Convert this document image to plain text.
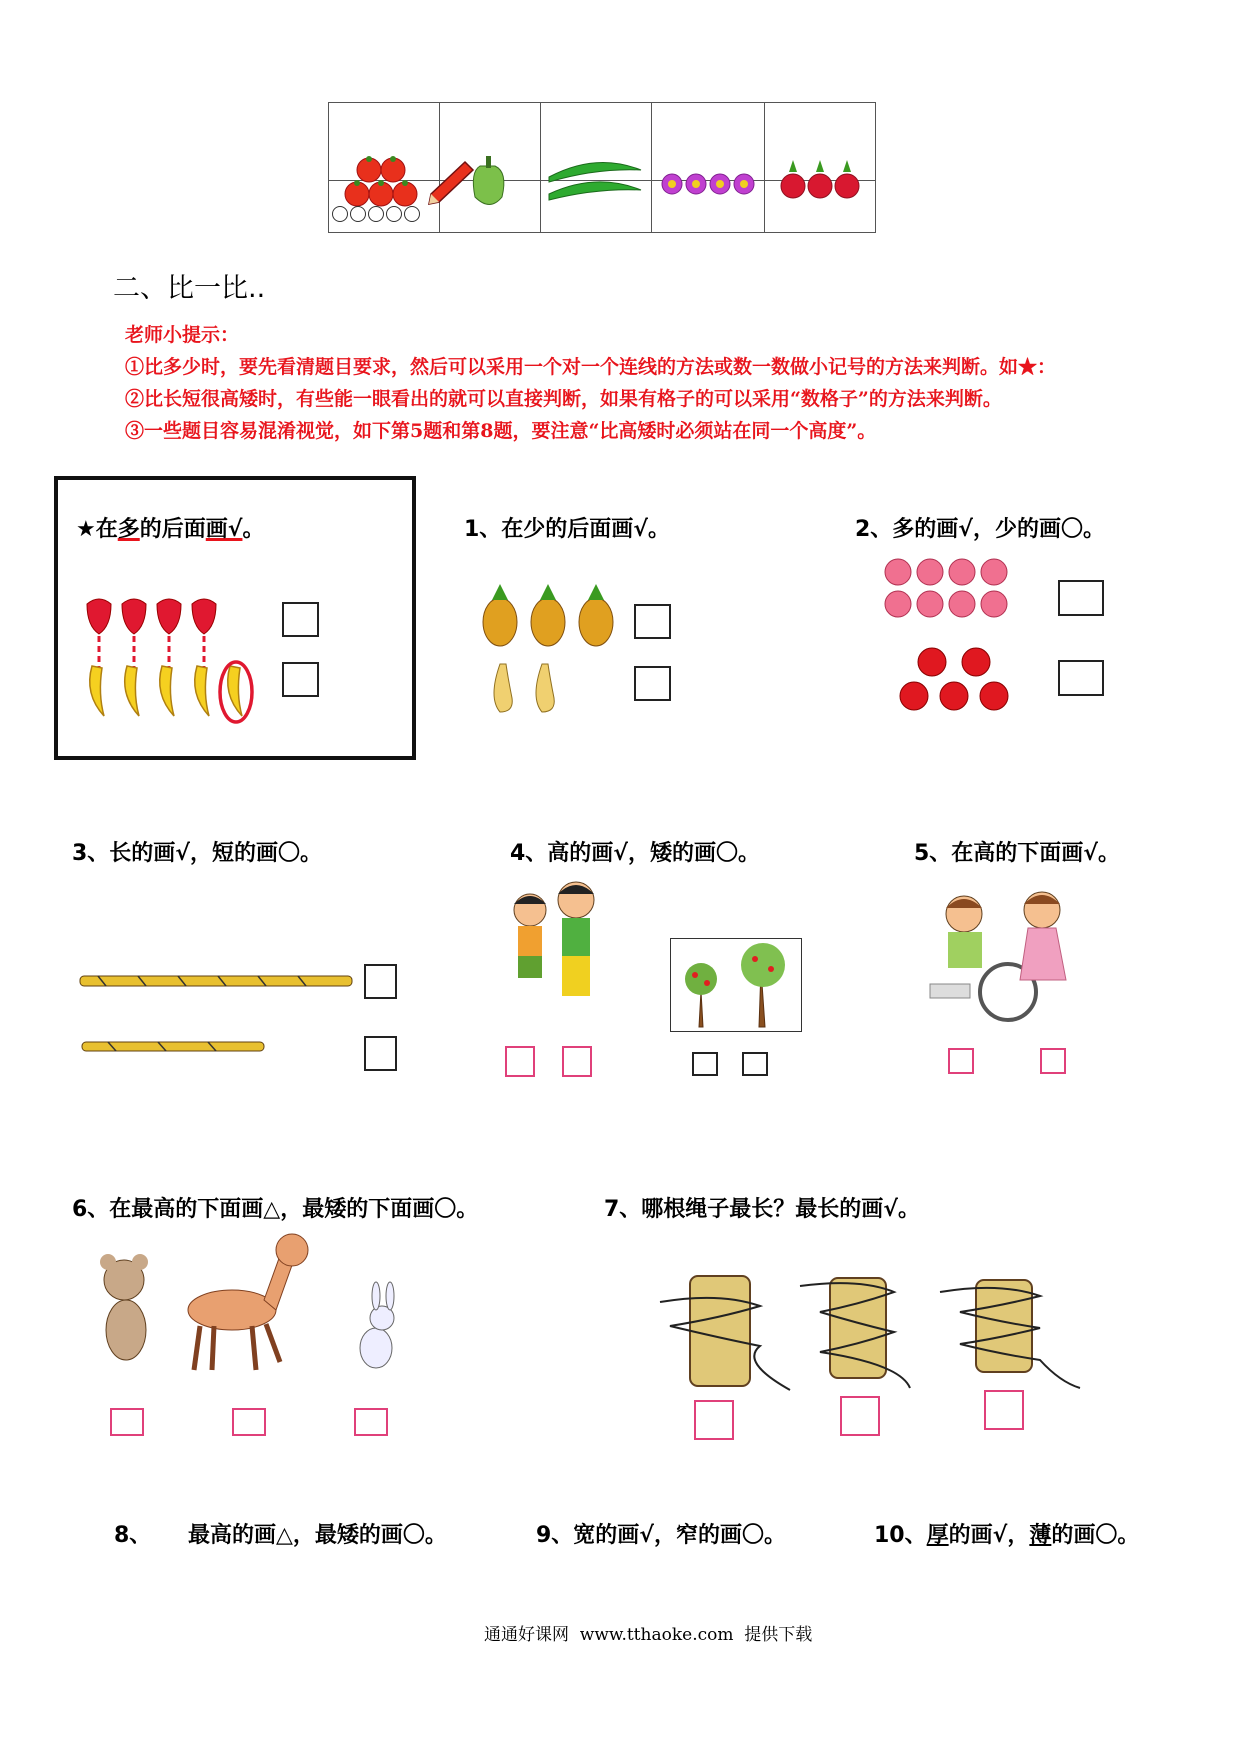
二、比一比..
老师小提示：
①比多少时，要先看清题目要求，然后可以采用一个对一个连线的方法或数一数做小记号的方法来判断。如★：
②比长短很高矮时，有些能一眼看出的就可以直接判断，如果有格子的可以采用“数格子”的方法来判断。
③一些题目容易混淆视觉，如下第5题和第8题，要注意“比高矮时必须站在同一个高度”。
★在多的后面画√。	1、在少的后面画√。	2、多的画√，少的画〇。
3、长的画√，短的画〇。	4、高的画√，矮的画〇。	5、在高的下面画√。
6、在最高的下面画△，最矮的下面画〇。	7、哪根绳子最长？最长的画√。
8、 最高的画△，最矮的画〇。	9、宽的画√，窄的画〇。	10、厚的画√，薄的画〇。
通通好课网  www.tthaoke.com  提供下载
